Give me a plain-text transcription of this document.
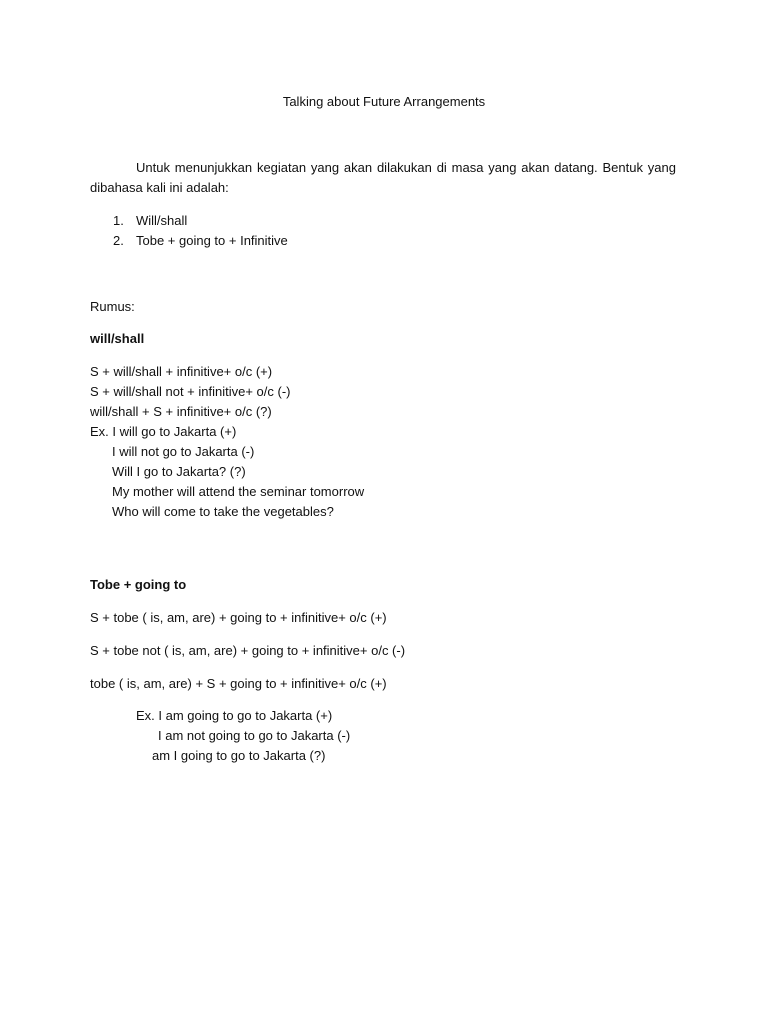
Talking about Future Arrangements
Untuk menunjukkan kegiatan yang akan dilakukan di masa yang akan datang. Bentuk yang
dibahasa kali ini adalah:
1. Will/shall
2. Tobe + going to + Infinitive
Rumus:
will/shall
S + will/shall + infinitive+ o/c (+)
S + will/shall not + infinitive+ o/c (-)
will/shall + S + infinitive+ o/c (?)
Ex. I will go to Jakarta (+)
I will not go to Jakarta (-)
Will I go to Jakarta? (?)
My mother will attend the seminar tomorrow
Who will come to take the vegetables?
Tobe + going to
S + tobe ( is, am, are) + going to + infinitive+ o/c (+)
S + tobe not ( is, am, are) + going to + infinitive+ o/c (-)
tobe ( is, am, are) + S + going to + infinitive+ o/c (+)
Ex. I am going to go to Jakarta (+)
I am not going to go to Jakarta (-)
am I going to go to Jakarta (?)
